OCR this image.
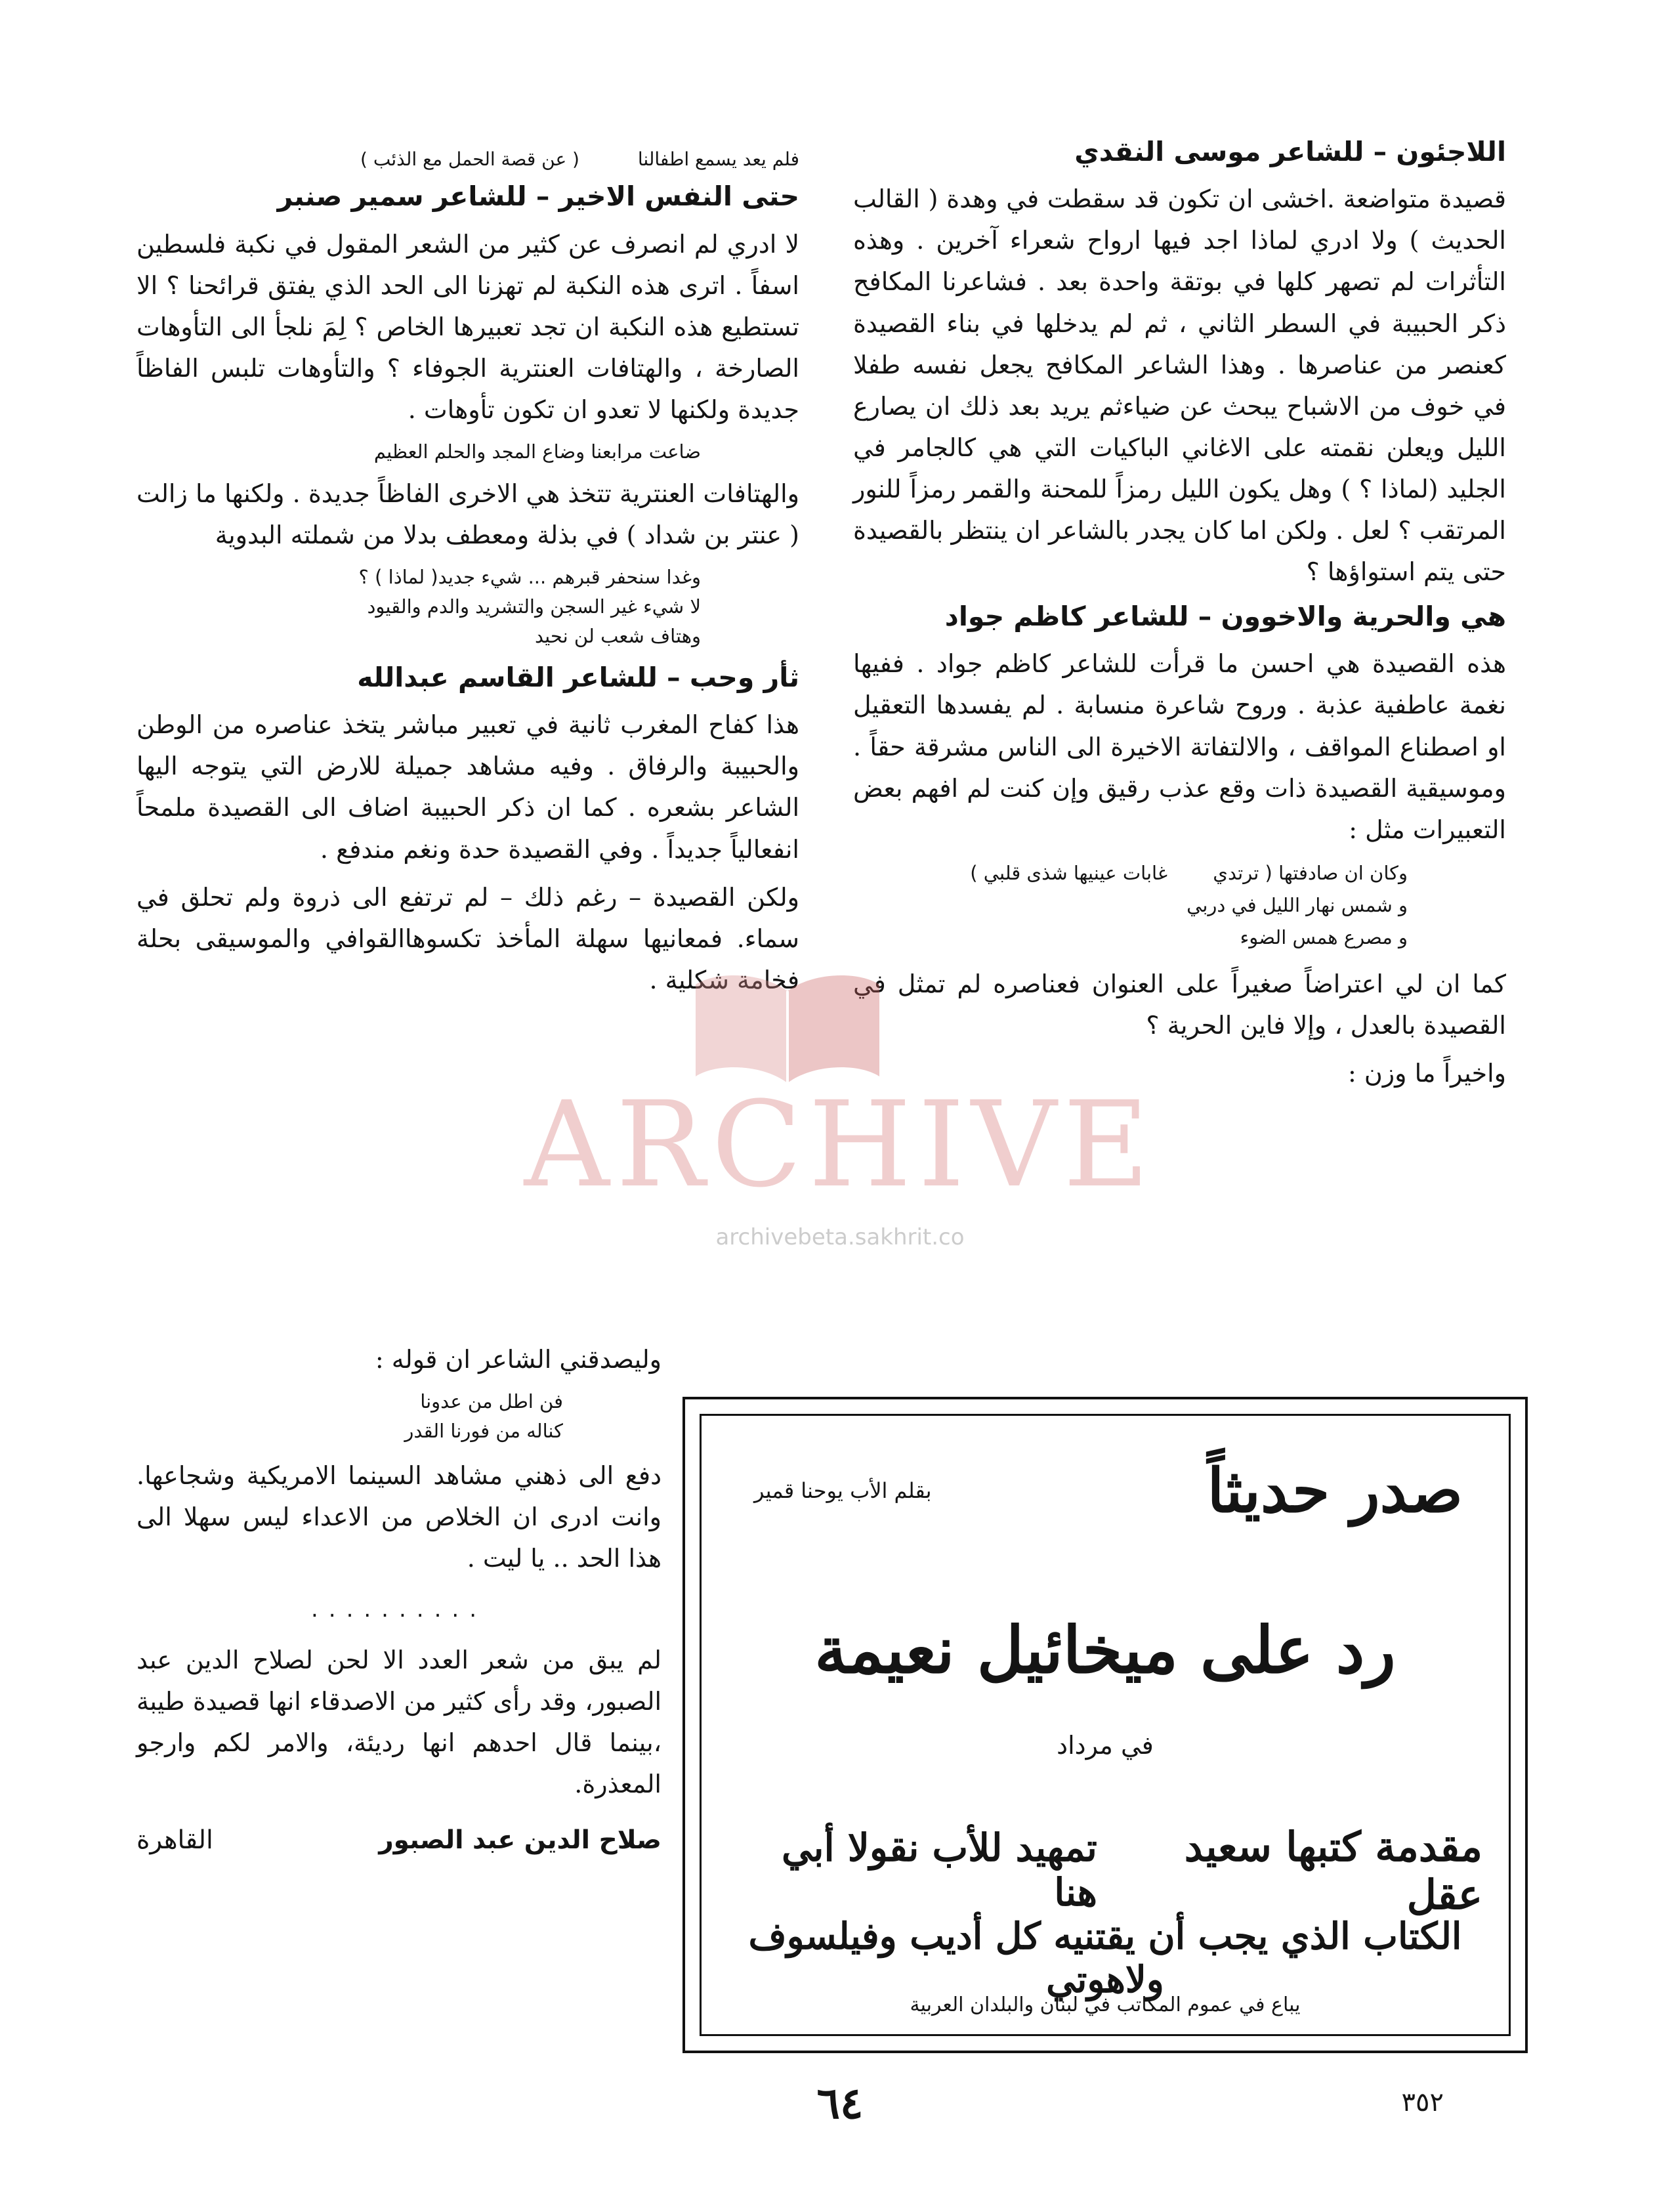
اللاجئون – للشاعر موسى النقدي

قصيدة متواضعة .اخشى ان تكون قد سقطت في وهدة ( القالب الحديث ) ولا ادري لماذا اجد فيها ارواح شعراء آخرين . وهذه التأثرات لم تصهر كلها في بوتقة واحدة بعد . فشاعرنا المكافح ذكر الحبيبة في السطر الثاني ، ثم لم يدخلها في بناء القصيدة كعنصر من عناصرها . وهذا الشاعر المكافح يجعل نفسه طفلا في خوف من الاشباح يبحث عن ضياءثم يريد بعد ذلك ان يصارع الليل ويعلن نقمته على الاغاني الباكيات التي هي كالجامر في الجليد (لماذا ؟ ) وهل يكون الليل رمزاً للمحنة والقمر رمزاً للنور المرتقب ؟ لعل . ولكن اما كان يجدر بالشاعر ان ينتظر بالقصيدة حتى يتم استواؤها ؟

هي والحرية والاخوون – للشاعر كاظم جواد

هذه القصيدة هي احسن ما قرأت للشاعر كاظم جواد . ففيها نغمة عاطفية عذبة . وروح شاعرة منسابة . لم يفسدها التعقيل او اصطناع المواقف ، والالتفاتة الاخيرة الى الناس مشرقة حقاً . وموسيقية القصيدة ذات وقع عذب رقيق وإن كنت لم افهم بعض التعبيرات مثل :

وكان ان صادفتها ( ترتدي غابات عينيها شذى قلبي )
و شمس نهار الليل في دربي
و مصرع همس الضوء

كما ان لي اعتراضاً صغيراً على العنوان فعناصره لم تمثل في القصيدة بالعدل ، وإلا فاين الحرية ؟

واخيراً ما وزن :

فلم يعد يسمع اطفالنا ( عن قصة الحمل مع الذئب )
حتى النفس الاخير – للشاعر سمير صنبر

لا ادري لم انصرف عن كثير من الشعر المقول في نكبة فلسطين اسفاً . اترى هذه النكبة لم تهزنا الى الحد الذي يفتق قرائحنا ؟ الا تستطيع هذه النكبة ان تجد تعبيرها الخاص ؟ لِمَ نلجأ الى التأوهات الصارخة ، والهتافات العنترية الجوفاء ؟ والتأوهات تلبس الفاظاً جديدة ولكنها لا تعدو ان تكون تأوهات .

ضاعت مرابعنا وضاع المجد والحلم العظيم

والهتافات العنترية تتخذ هي الاخرى الفاظاً جديدة . ولكنها ما زالت ( عنتر بن شداد ) في بذلة ومعطف بدلا من شملته البدوية

وغدا سنحفر قبرهم ... شيء جديد( لماذا ) ؟

لا شيء غير السجن والتشريد والدم والقيود

وهتاف شعب لن نحيد

ثأر وحب – للشاعر القاسم عبدالله

هذا كفاح المغرب ثانية في تعبير مباشر يتخذ عناصره من الوطن والحبيبة والرفاق . وفيه مشاهد جميلة للارض التي يتوجه اليها الشاعر بشعره . كما ان ذكر الحبيبة اضاف الى القصيدة ملمحاً انفعالياً جديداً . وفي القصيدة حدة ونغم مندفع .

ولكن القصيدة – رغم ذلك – لم ترتفع الى ذروة ولم تحلق في سماء. فمعانيها سهلة المأخذ تكسوهاالقوافي والموسيقى بحلة فخامة شكلية .

وليصدقني الشاعر ان قوله :

فن اطل من عدونا

كناله من فورنا القدر

دفع الى ذهني مشاهد السينما الامريكية وشجاعها. وانت ادرى ان الخلاص من الاعداء ليس سهلا الى هذا الحد .. يا ليت .

..........

لم يبق من شعر العدد الا لحن لصلاح الدين عبد الصبور، وقد رأى كثير من الاصدقاء انها قصيدة طيبة ،بينما قال احدهم انها رديئة، والامر لكم وارجو المعذرة.

صلاح الدين عبد الصبور
القاهرة
صدر حديثاً
بقلم الأب يوحنا قمير
رد على ميخائيل نعيمة
في مرداد
مقدمة كتبها سعيد عقل
تمهيد للأب نقولا أبي هنا
الكتاب الذي يجب أن يقتنيه كل أديب وفيلسوف ولاهوتي
يباع في عموم المكاتب في لبنان والبلدان العربية
ARCHIVE
archivebeta.sakhrit.co
٦٤	٣٥٢
